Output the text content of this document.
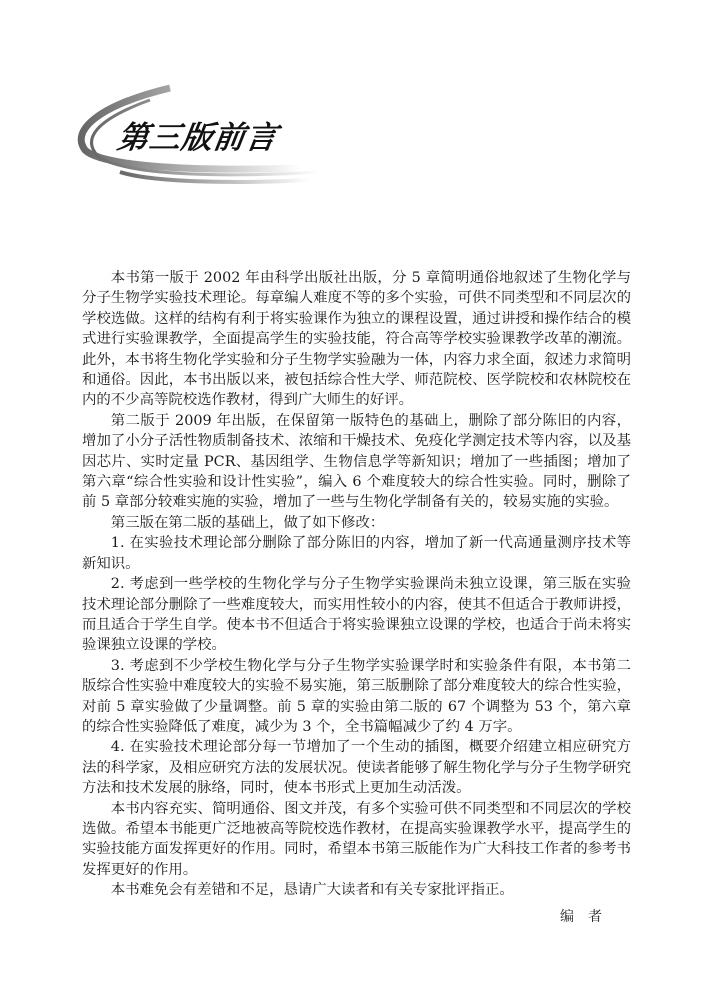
第三版前言

本书第一版于 2002 年由科学出版社出版，分 5 章简明通俗地叙述了生物化学与分子生物学实验技术理论。每章编人难度不等的多个实验，可供不同类型和不同层次的学校选做。这样的结构有利于将实验课作为独立的课程设置，通过讲授和操作结合的模式进行实验课教学，全面提高学生的实验技能，符合高等学校实验课教学改革的潮流。此外，本书将生物化学实验和分子生物学实验融为一体，内容力求全面，叙述力求简明和通俗。因此，本书出版以来，被包括综合性大学、师范院校、医学院校和农林院校在内的不少高等院校选作教材，得到广大师生的好评。

第二版于 2009 年出版，在保留第一版特色的基础上，删除了部分陈旧的内容，增加了小分子活性物质制备技术、浓缩和干燥技术、免疫化学测定技术等内容，以及基因芯片、实时定量 PCR、基因组学、生物信息学等新知识；增加了一些插图；增加了第六章“综合性实验和设计性实验”，编入 6 个难度较大的综合性实验。同时，删除了前 5 章部分较难实施的实验，增加了一些与生物化学制备有关的，较易实施的实验。

第三版在第二版的基础上，做了如下修改：

1. 在实验技术理论部分删除了部分陈旧的内容，增加了新一代高通量测序技术等新知识。

2. 考虑到一些学校的生物化学与分子生物学实验课尚未独立设课，第三版在实验技术理论部分删除了一些难度较大，而实用性较小的内容，使其不但适合于教师讲授，而且适合于学生自学。使本书不但适合于将实验课独立设课的学校，也适合于尚未将实验课独立设课的学校。

3. 考虑到不少学校生物化学与分子生物学实验课学时和实验条件有限，本书第二版综合性实验中难度较大的实验不易实施，第三版删除了部分难度较大的综合性实验，对前 5 章实验做了少量调整。前 5 章的实验由第二版的 67 个调整为 53 个，第六章的综合性实验降低了难度，减少为 3 个，全书篇幅减少了约 4 万字。

4. 在实验技术理论部分每一节增加了一个生动的插图，概要介绍建立相应研究方法的科学家，及相应研究方法的发展状况。使读者能够了解生物化学与分子生物学研究方法和技术发展的脉络，同时，使本书形式上更加生动活泼。

本书内容充实、简明通俗、图文并茂，有多个实验可供不同类型和不同层次的学校选做。希望本书能更广泛地被高等院校选作教材，在提高实验课教学水平，提高学生的实验技能方面发挥更好的作用。同时，希望本书第三版能作为广大科技工作者的参考书发挥更好的作用。

本书难免会有差错和不足，恳请广大读者和有关专家批评指正。

编者
